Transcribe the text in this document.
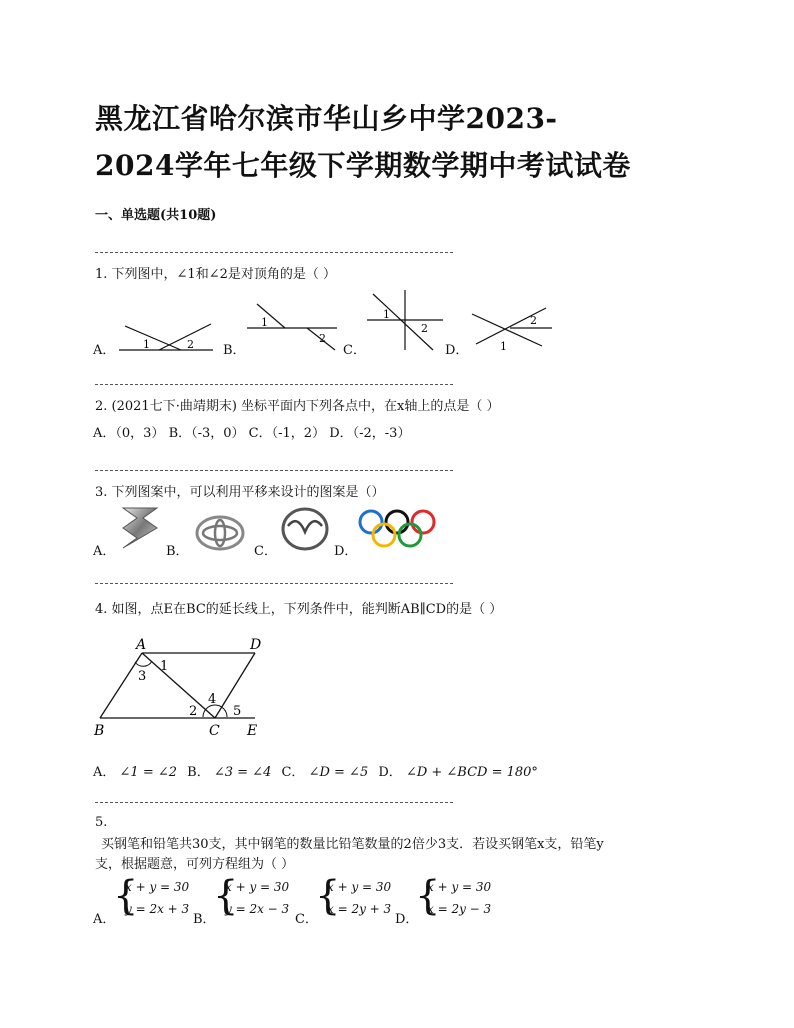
黑龙江省哈尔滨市华山乡中学2023-
2024学年七年级下学期数学期中考试试卷
一、单选题(共10题)
1. 下列图中，∠1和∠2是对顶角的是（ ）
A．	1	2 B．
1
2
C．
1
2
D．
2
1
2. (2021七下·曲靖期末) 坐标平面内下列各点中，在x轴上的点是（ ）
A．（0，3） B．（-3，0） C．（-1，2） D．（-2，-3）
3. 下列图案中，可以利用平移来设计的图案是（）
A．	B．	C．	D．
4. 如图，点E在BC的延长线上，下列条件中，能判断AB∥CD的是（ ）
A	D
B	C E
1
3
2
4
5
A． ∠1 = ∠2 B． ∠3 = ∠4 C． ∠D = ∠5 D． ∠D + ∠BCD = 180°
5.
买钢笔和铅笔共30支，其中钢笔的数量比铅笔数量的2倍少3支．若设买钢笔x支，铅笔y
支，根据题意，可列方程组为（ ）
A．
{
x + y = 30
y = 2x + 3
B．
{
x + y = 30
y = 2x − 3
C．
{
x + y = 30
x = 2y + 3
D．
{
x + y = 30
x = 2y − 3
